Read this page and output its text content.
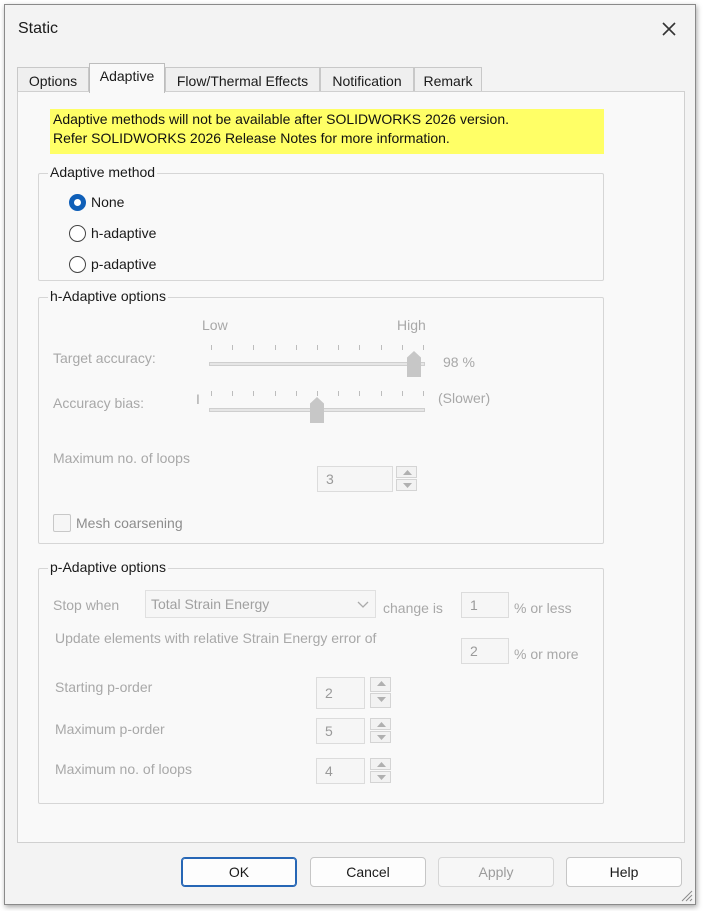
Static
Options	Adaptive	Flow/Thermal Effects	Notification	Remark
Adaptive methods will not be available after SOLIDWORKS 2026 version.
Refer SOLIDWORKS 2026 Release Notes for more information.
Adaptive method
None
h-adaptive
p-adaptive
h-Adaptive options
Low	High
Target accuracy:	98 %
Accuracy bias:	I	(Slower)
Maximum no. of loops
3
Mesh coarsening
p-Adaptive options
Stop when	Total Strain Energy	change is	1	% or less
Update elements with relative Strain Energy error of
2	% or more
Starting p-order	2
Maximum p-order	5
Maximum no. of loops	4
OK	Cancel	Apply	Help
